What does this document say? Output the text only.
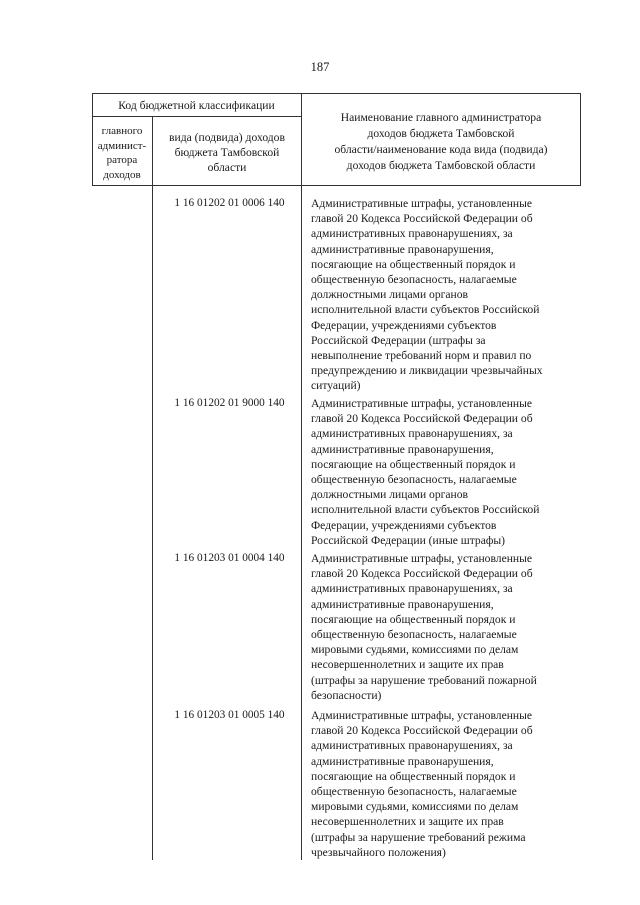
187
Код бюджетной классификации
главного
админист-
ратора
доходов
вида (подвида) доходов
бюджета Тамбовской
области
Наименование главного администратора
доходов бюджета Тамбовской
области/наименование кода вида (подвида)
доходов бюджета Тамбовской области
1 16 01202 01 0006 140	Административные штрафы, установленные
главой 20 Кодекса Российской Федерации об
административных правонарушениях, за
административные правонарушения,
посягающие на общественный порядок и
общественную безопасность, налагаемые
должностными лицами органов
исполнительной власти субъектов Российской
Федерации, учреждениями субъектов
Российской Федерации (штрафы за
невыполнение требований норм и правил по
предупреждению и ликвидации чрезвычайных
ситуаций)
1 16 01202 01 9000 140	Административные штрафы, установленные
главой 20 Кодекса Российской Федерации об
административных правонарушениях, за
административные правонарушения,
посягающие на общественный порядок и
общественную безопасность, налагаемые
должностными лицами органов
исполнительной власти субъектов Российской
Федерации, учреждениями субъектов
Российской Федерации (иные штрафы)
1 16 01203 01 0004 140	Административные штрафы, установленные
главой 20 Кодекса Российской Федерации об
административных правонарушениях, за
административные правонарушения,
посягающие на общественный порядок и
общественную безопасность, налагаемые
мировыми судьями, комиссиями по делам
несовершеннолетних и защите их прав
(штрафы за нарушение требований пожарной
безопасности)
1 16 01203 01 0005 140	Административные штрафы, установленные
главой 20 Кодекса Российской Федерации об
административных правонарушениях, за
административные правонарушения,
посягающие на общественный порядок и
общественную безопасность, налагаемые
мировыми судьями, комиссиями по делам
несовершеннолетних и защите их прав
(штрафы за нарушение требований режима
чрезвычайного положения)
